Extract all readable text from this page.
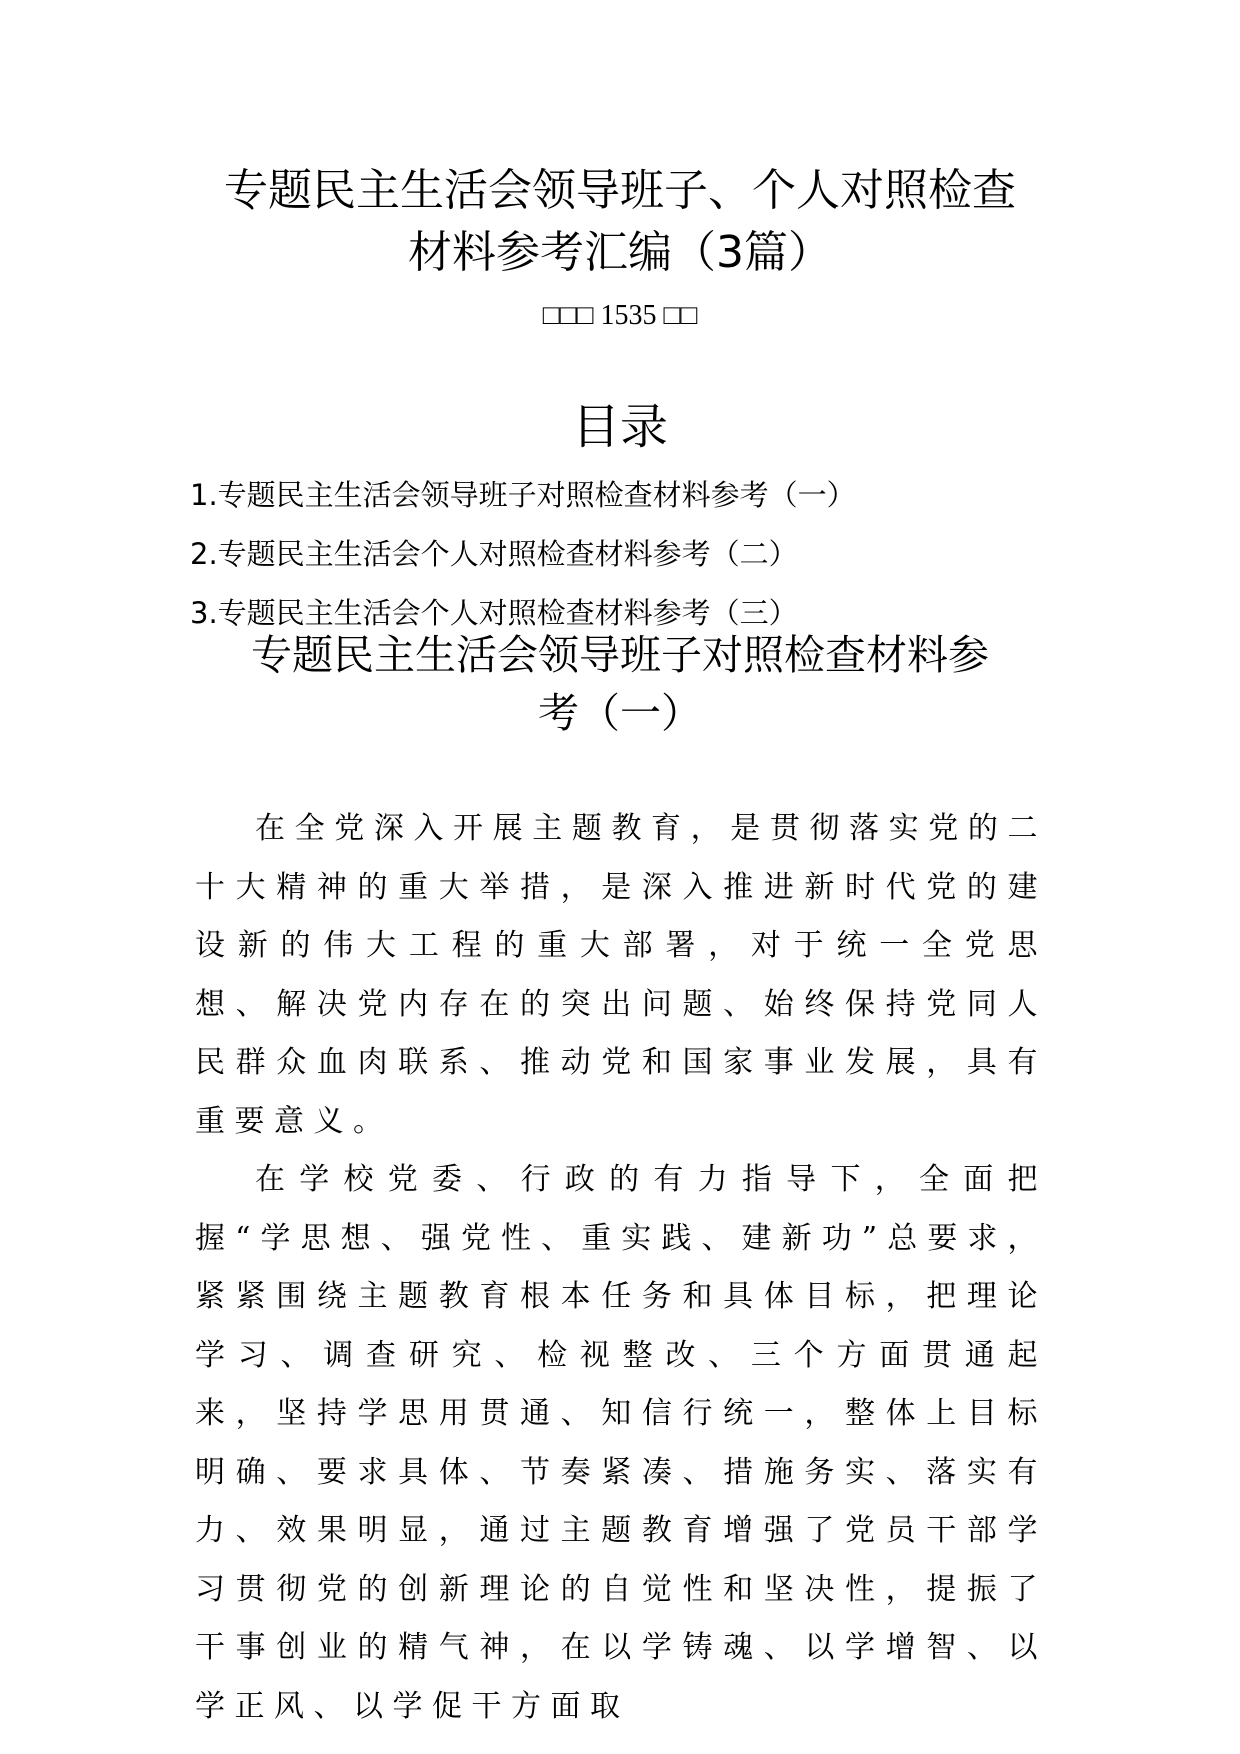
专题民主生活会领导班子、个人对照检查
材料参考汇编（3篇）
□□□ 1535 □□
目录
1.专题民主生活会领导班子对照检查材料参考（一）
2.专题民主生活会个人对照检查材料参考（二）
3.专题民主生活会个人对照检查材料参考（三）
专题民主生活会领导班子对照检查材料参
考（一）

在全党深入开展主题教育，是贯彻落实党的二十大精神的重大举措，是深入推进新时代党的建设新的伟大工程的重大部署，对于统一全党思想、解决党内存在的突出问题、始终保持党同人民群众血肉联系、推动党和国家事业发展，具有重要意义。

在学校党委、行政的有力指导下，全面把握“学思想、强党性、重实践、建新功”总要求，紧紧围绕主题教育根本任务和具体目标，把理论学习、调查研究、检视整改、三个方面贯通起来，坚持学思用贯通、知信行统一，整体上目标明确、要求具体、节奏紧凑、措施务实、落实有力、效果明显，通过主题教育增强了党员干部学习贯彻党的创新理论的自觉性和坚决性，提振了干事创业的精气神，在以学铸魂、以学增智、以学正风、以学促干方面取
